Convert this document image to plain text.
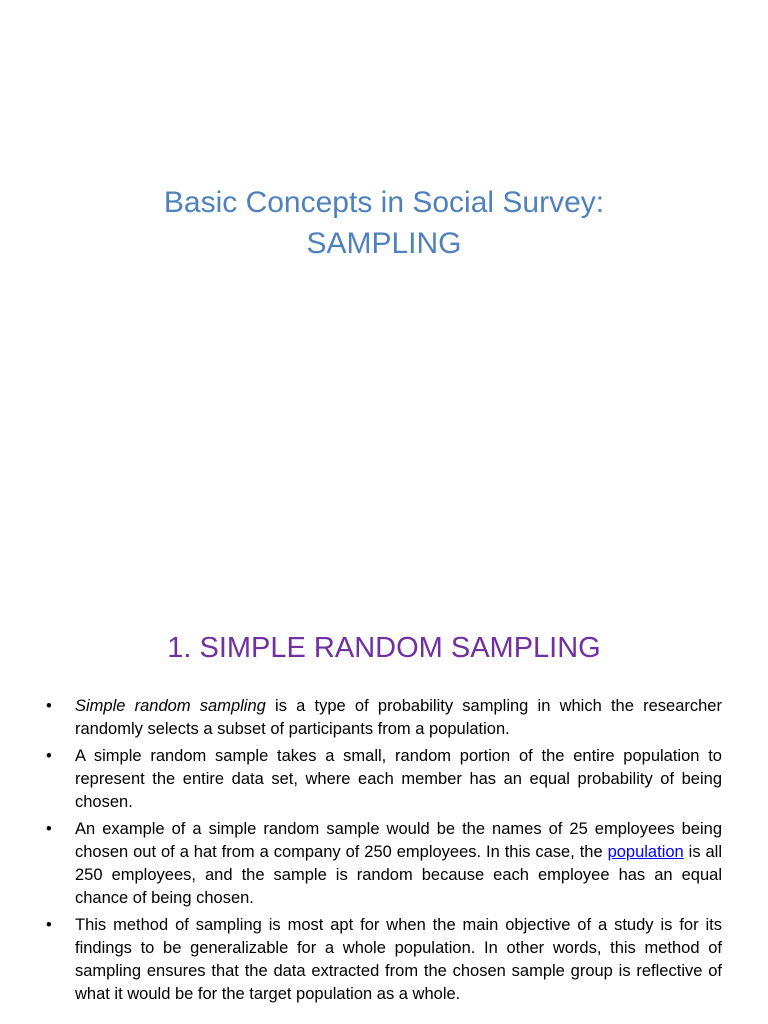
Basic Concepts in Social Survey:
SAMPLING
1. SIMPLE RANDOM SAMPLING
•	Simple random sampling is a type of probability sampling in which the researcher randomly selects a subset of participants from a population.
•	A simple random sample takes a small, random portion of the entire population to represent the entire data set, where each member has an equal probability of being chosen.
•	An example of a simple random sample would be the names of 25 employees being chosen out of a hat from a company of 250 employees. In this case, the population is all 250 employees, and the sample is random because each employee has an equal chance of being chosen.
•	This method of sampling is most apt for when the main objective of a study is for its findings to be generalizable for a whole population. In other words, this method of sampling ensures that the data extracted from the chosen sample group is reflective of what it would be for the target population as a whole.
